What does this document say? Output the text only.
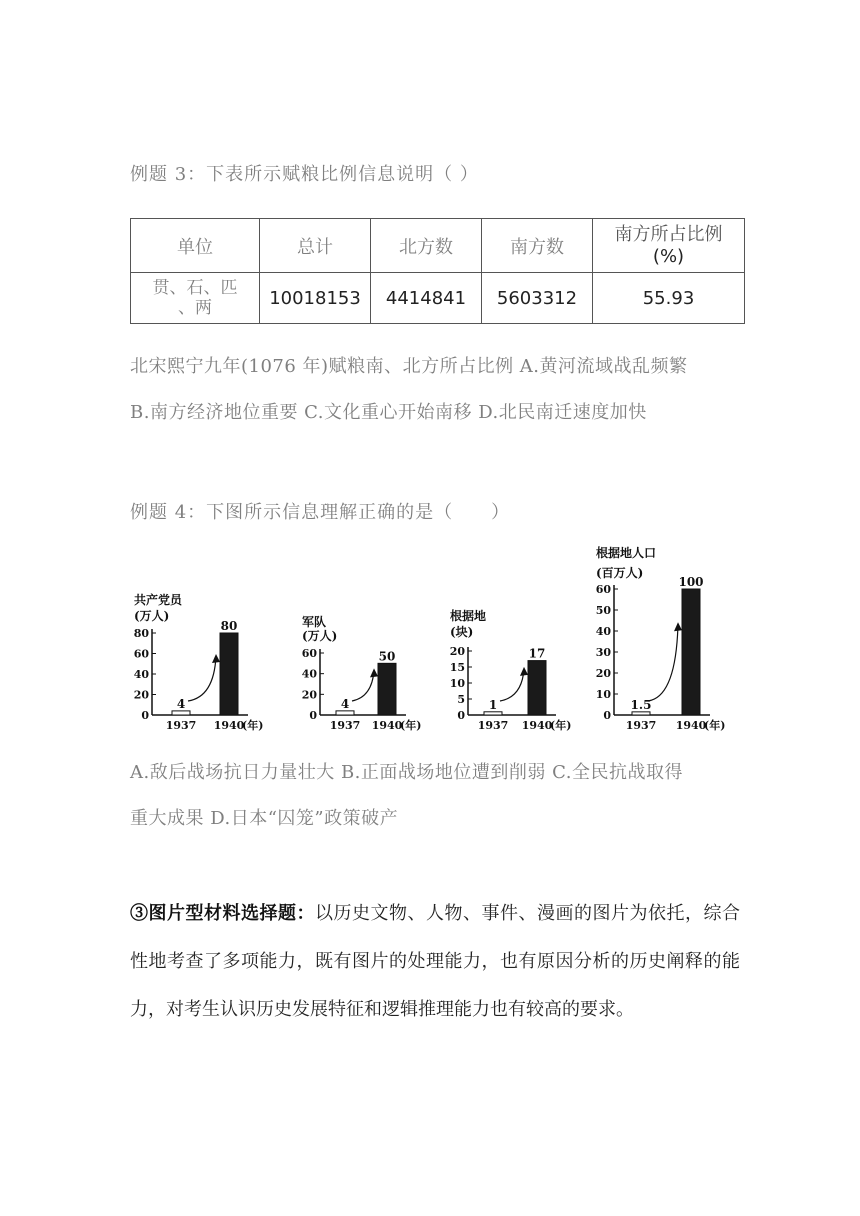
例题 3：下表所示赋粮比例信息说明（ ）
单位	总计	北方数	南方数	南方所占比例
(%)

贯、石、匹
、两	10018153	4414841	5603312	55.93
北宋熙宁九年(1076 年)赋粮南、北方所占比例 A.黄河流域战乱频繁
B.南方经济地位重要 C.文化重心开始南移 D.北民南迁速度加快
例题 4：下图所示信息理解正确的是（　　）
共产党员
(万人)
0
20
40
60
80
4
1937
80
1940
(年)
军队
(万人)
0
20
40
60
4
1937
50
1940
(年)
根据地
(块)
0
5
10
15
20
1
1937
17
1940
(年)
根据地人口
(百万人)
0
10
20
30
40
50
60
1.5
1937
100
1940
(年)
A.敌后战场抗日力量壮大 B.正面战场地位遭到削弱 C.全民抗战取得
重大成果 D.日本“囚笼”政策破产
③图片型材料选择题：以历史文物、人物、事件、漫画的图片为依托，综合性地考查了多项能力，既有图片的处理能力，也有原因分析的历史阐释的能力，对考生认识历史发展特征和逻辑推理能力也有较高的要求。
